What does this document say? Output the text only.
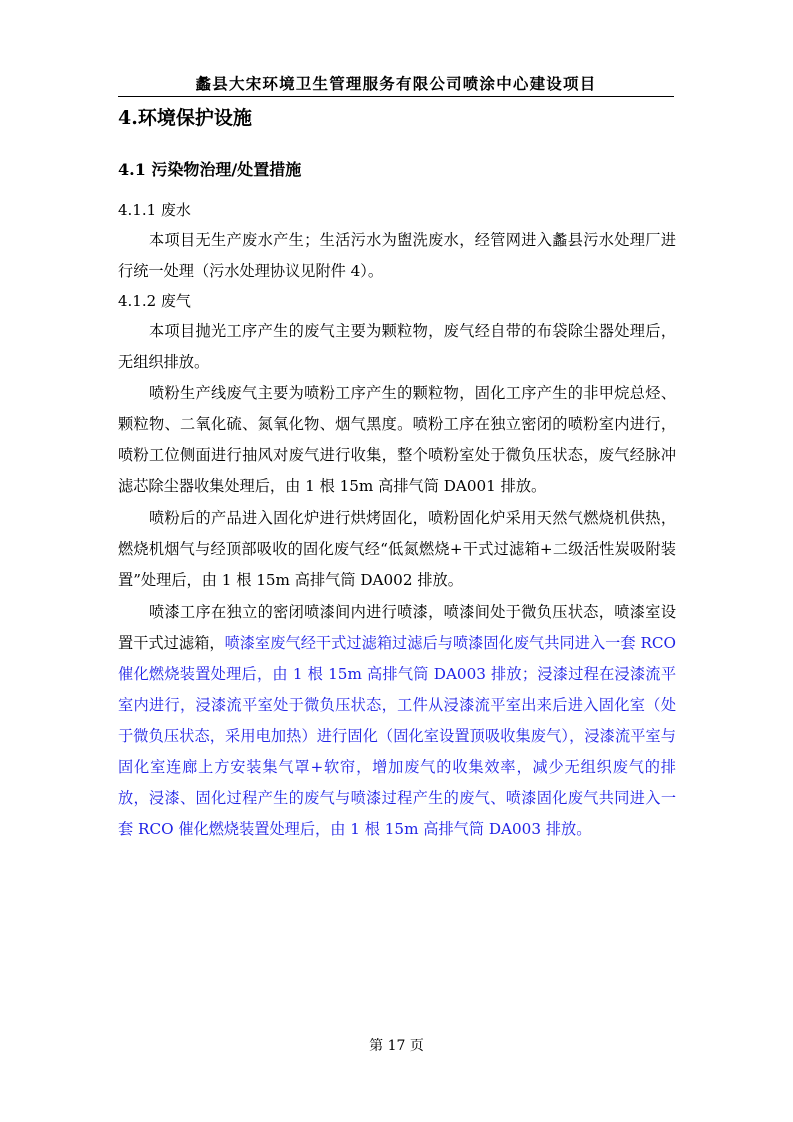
蠡县大宋环境卫生管理服务有限公司喷涂中心建设项目
4.环境保护设施
4.1 污染物治理/处置措施
4.1.1 废水

本项目无生产废水产生；生活污水为盥洗废水，经管网进入蠡县污水处理厂进行统一处理（污水处理协议见附件 4）。

4.1.2 废气

本项目抛光工序产生的废气主要为颗粒物，废气经自带的布袋除尘器处理后，无组织排放。

喷粉生产线废气主要为喷粉工序产生的颗粒物，固化工序产生的非甲烷总烃、颗粒物、二氧化硫、氮氧化物、烟气黑度。喷粉工序在独立密闭的喷粉室内进行，喷粉工位侧面进行抽风对废气进行收集，整个喷粉室处于微负压状态，废气经脉冲滤芯除尘器收集处理后，由 1 根 15m 高排气筒 DA001 排放。

喷粉后的产品进入固化炉进行烘烤固化，喷粉固化炉采用天然气燃烧机供热，燃烧机烟气与经顶部吸收的固化废气经“低氮燃烧+干式过滤箱+二级活性炭吸附装置”处理后，由 1 根 15m 高排气筒 DA002 排放。

喷漆工序在独立的密闭喷漆间内进行喷漆，喷漆间处于微负压状态，喷漆室设置干式过滤箱，喷漆室废气经干式过滤箱过滤后与喷漆固化废气共同进入一套 RCO 催化燃烧装置处理后，由 1 根 15m 高排气筒 DA003 排放；浸漆过程在浸漆流平室内进行，浸漆流平室处于微负压状态，工件从浸漆流平室出来后进入固化室（处于微负压状态，采用电加热）进行固化（固化室设置顶吸收集废气），浸漆流平室与固化室连廊上方安装集气罩+软帘，增加废气的收集效率，减少无组织废气的排放，浸漆、固化过程产生的废气与喷漆过程产生的废气、喷漆固化废气共同进入一套 RCO 催化燃烧装置处理后，由 1 根 15m 高排气筒 DA003 排放。

第 17 页
